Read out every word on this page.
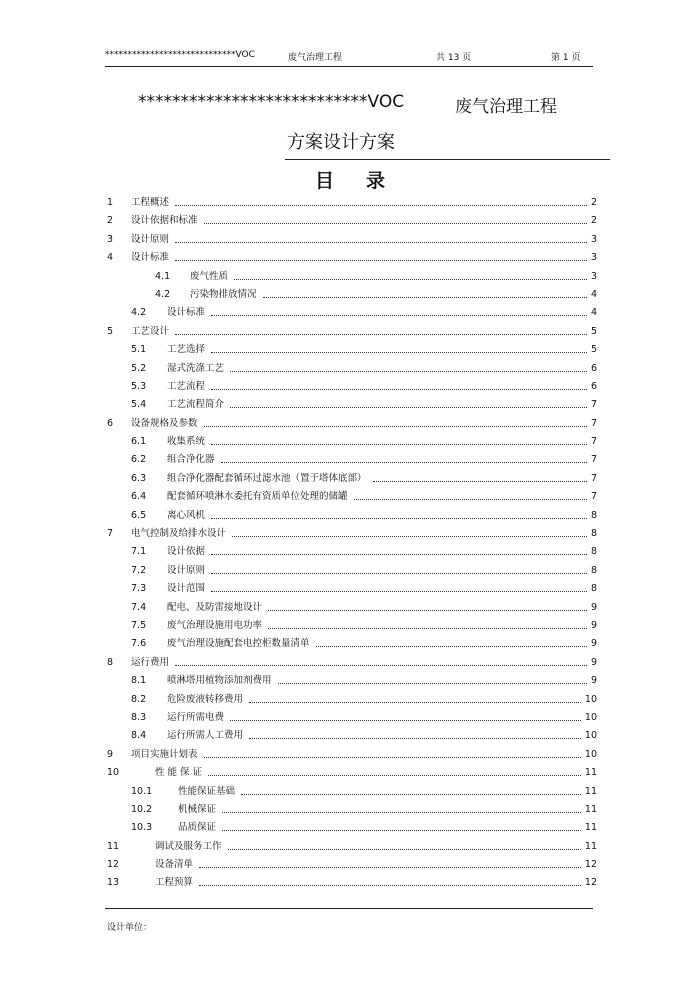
*****************************VOC	废气治理工程	共 13 页	第 1 页
***************************VOC	废气治理工程
方案设计方案
目录
1 工程概述	2
2 设计依据和标准	2
3 设计原则	3
4 设计标准	3
4.1 废气性质	3
4.2 污染物排放情况	4
4.2 设计标准	4
5 工艺设计	5
5.1 工艺选择	5
5.2 湿式洗涤工艺	6
5.3 工艺流程	6
5.4 工艺流程简介	7
6 设备规格及参数	7
6.1 收集系统	7
6.2 组合净化器	7
6.3 组合净化器配套循环过滤水池（置于塔体底部）	7
6.4 配套循环喷淋水委托有资质单位处理的储罐	7
6.5 离心风机	8
7 电气控制及给排水设计	8
7.1 设计依据	8
7.2 设计原则	8
7.3 设计范围	8
7.4 配电、及防雷接地设计	9
7.5 废气治理设施用电功率	9
7.6 废气治理设施配套电控柜数量清单	9
8 运行费用	9
8.1 喷淋塔用植物添加剂费用	9
8.2 危险废液转移费用	10
8.3 运行所需电费	10
8.4 运行所需人工费用	10
9 项目实施计划表	10
10	性 能 保 证	11
10.1	性能保证基础	11
10.2	机械保证	11
10.3	品质保证	11
11	调试及服务工作	11
12	设备清单	12
13	工程预算	12
设计单位：
